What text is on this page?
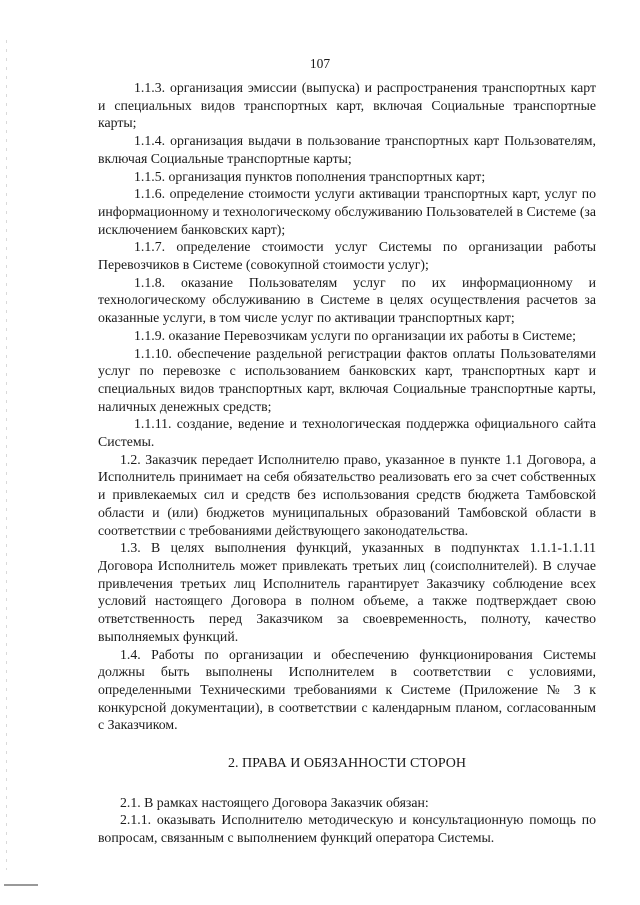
107

1.1.3. организация эмиссии (выпуска) и распространения транспортных карт и специальных видов транспортных карт, включая Социальные транспортные карты;

1.1.4. организация выдачи в пользование транспортных карт Пользователям, включая Социальные транспортные карты;

1.1.5. организация пунктов пополнения транспортных карт;

1.1.6. определение стоимости услуги активации транспортных карт, услуг по информационному и технологическому обслуживанию Пользователей в Системе (за исключением банковских карт);

1.1.7. определение стоимости услуг Системы по организации работы Перевозчиков в Системе (совокупной стоимости услуг);

1.1.8. оказание Пользователям услуг по их информационному и технологическому обслуживанию в Системе в целях осуществления расчетов за оказанные услуги, в том числе услуг по активации транспортных карт;

1.1.9. оказание Перевозчикам услуги по организации их работы в Системе;

1.1.10. обеспечение раздельной регистрации фактов оплаты Пользователями услуг по перевозке с использованием банковских карт, транспортных карт и специальных видов транспортных карт, включая Социальные транспортные карты, наличных денежных средств;

1.1.11. создание, ведение и технологическая поддержка официального сайта Системы.

1.2. Заказчик передает Исполнителю право, указанное в пункте 1.1 Договора, а Исполнитель принимает на себя обязательство реализовать его за счет собственных и привлекаемых сил и средств без использования средств бюджета Тамбовской области и (или) бюджетов муниципальных образований Тамбовской области в соответствии с требованиями действующего законодательства.

1.3. В целях выполнения функций, указанных в подпунктах 1.1.1-1.1.11 Договора Исполнитель может привлекать третьих лиц (соисполнителей). В случае привлечения третьих лиц Исполнитель гарантирует Заказчику соблюдение всех условий настоящего Договора в полном объеме, а также подтверждает свою ответственность перед Заказчиком за своевременность, полноту, качество выполняемых функций.

1.4. Работы по организации и обеспечению функционирования Системы должны быть выполнены Исполнителем в соответствии с условиями, определенными Техническими требованиями к Системе (Приложение № 3 к конкурсной документации), в соответствии с календарным планом, согласованным с Заказчиком.

2. ПРАВА И ОБЯЗАННОСТИ СТОРОН

2.1. В рамках настоящего Договора Заказчик обязан:

2.1.1. оказывать Исполнителю методическую и консультационную помощь по вопросам, связанным с выполнением функций оператора Системы.
